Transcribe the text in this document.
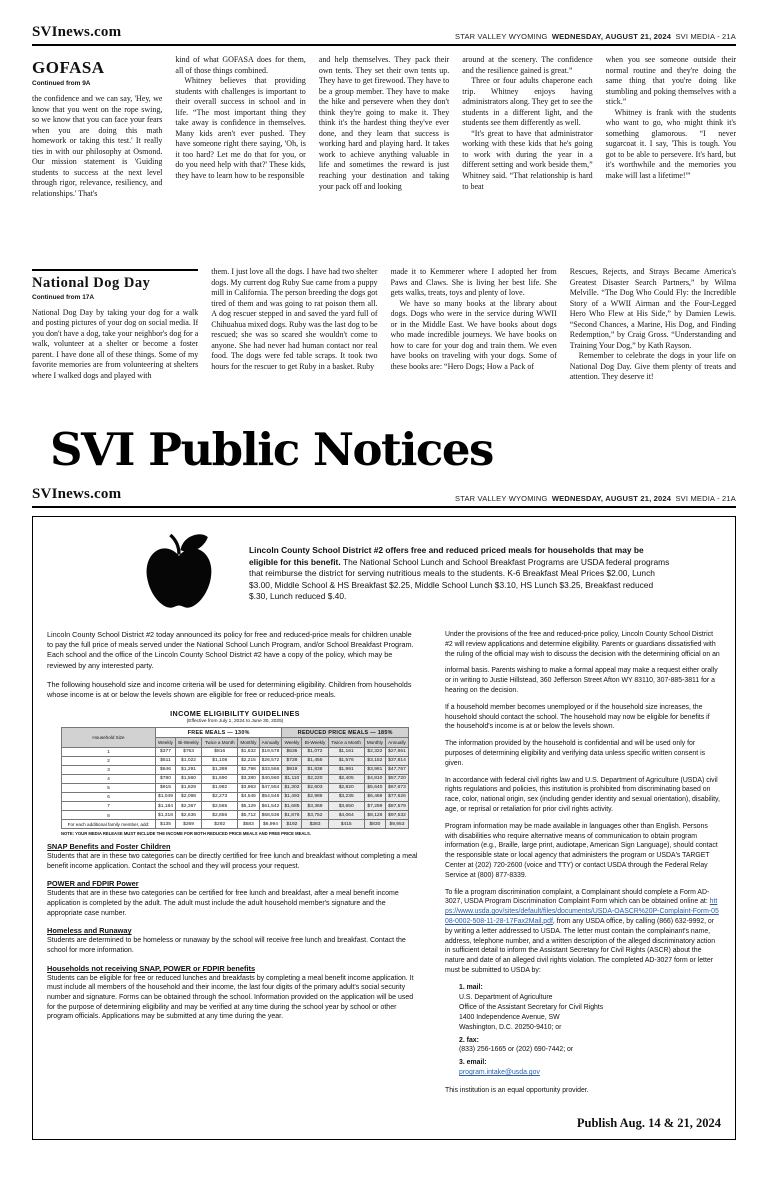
SVInews.com	STAR VALLEY WYOMING WEDNESDAY, AUGUST 21, 2024 SVI MEDIA - 21A
GOFASA
Continued from 9A

the confidence and we can say, 'Hey, we know that you went on the rope swing, so we know that you can face your fears when you are doing this math homework or taking this test.' It really ties in with our philosophy at Osmond. Our mission statement is 'Guiding students to success at the next level through rigor, relevance, resiliency, and relationships.' That's

kind of what GOFASA does for them, all of those things combined.

Whitney believes that providing students with challenges is important to their overall success in school and in life. “The most important thing they take away is confidence in themselves. Many kids aren't ever pushed. They have someone right there saying, 'Oh, is it too hard? Let me do that for you, or do you need help with that?' These kids, they have to learn how to be responsible

and help themselves. They pack their own tents. They set their own tents up. They have to get firewood. They have to be a group member. They have to make the hike and persevere when they don't think they're going to make it. They think it's the hardest thing they've ever done, and they learn that success is working hard and playing hard. It takes work to achieve anything valuable in life and sometimes the reward is just reaching your destination and taking your pack off and looking

around at the scenery. The confidence and the resilience gained is great.”

Three or four adults chaperone each trip. Whitney enjoys having administrators along. They get to see the students in a different light, and the students see them differently as well.

“It's great to have that administrator working with these kids that he's going to work with during the year in a different setting and work beside them,” Whitney said. “That relationship is hard to beat

when you see someone outside their normal routine and they're doing the same thing that you're doing like stumbling and poking themselves with a stick.”

Whitney is frank with the students who want to go, who might think it's something glamorous. “I never sugarcoat it. I say, 'This is tough. You got to be able to persevere. It's hard, but it's worthwhile and the memories you make will last a lifetime!'”

National Dog Day
Continued from 17A

National Dog Day by taking your dog for a walk and posting pictures of your dog on social media. If you don't have a dog, take your neighbor's dog for a walk, volunteer at a shelter or become a foster parent. I have done all of these things. Some of my favorite memories are from volunteering at shelters where I walked dogs and played with

them. I just love all the dogs. I have had two shelter dogs. My current dog Ruby Sue came from a puppy mill in California. The person breeding the dogs got tired of them and was going to rat poison them all. A dog rescuer stepped in and saved the yard full of Chihuahua mixed dogs. Ruby was the last dog to be rescued; she was so scared she wouldn't come to anyone. She had never had human contact nor real food. The dogs were fed table scraps. It took two hours for the rescuer to get Ruby in a basket. Ruby

made it to Kemmerer where I adopted her from Paws and Claws. She is living her best life. She gets walks, treats, toys and plenty of love.

We have so many books at the library about dogs. Dogs who were in the service during WWII or in the Middle East. We have books about dogs who made incredible journeys. We have books on how to care for your dog and train them. We even have books on traveling with your dogs. Some of these books are: “Hero Dogs; How a Pack of

Rescues, Rejects, and Strays Became America's Greatest Disaster Search Partners,” by Wilma Melville. “The Dog Who Could Fly: the Incredible Story of a WWII Airman and the Four-Legged Hero Who Flew at His Side,” by Damien Lewis. “Second Chances, a Marine, His Dog, and Finding Redemption,” by Craig Gross. “Understanding and Training Your Dog,” by Kath Rayson.

Remember to celebrate the dogs in your life on National Dog Day. Give them plenty of treats and attention. They deserve it!

SVI Public Notices
SVInews.com	STAR VALLEY WYOMING WEDNESDAY, AUGUST 21, 2024 SVI MEDIA - 21A

Lincoln County School District #2 offers free and reduced priced meals for households that may be eligible for this benefit. The National School Lunch and School Breakfast Programs are USDA federal programs that reimburse the district for serving nutritious meals to the students. K-6 Breakfast Meal Prices $2.00, Lunch $3.00, Middle School & HS Breakfast $2.25, Middle School Lunch $3.10, HS Lunch $3.25, Breakfast reduced $.30, Lunch reduced $.40.

Lincoln County School District #2 today announced its policy for free and reduced-price meals for children unable to pay the full price of meals served under the National School Lunch Program, and/or School Breakfast Program. Each school and the office of the Lincoln County School District #2 have a copy of the policy, which may be reviewed by any interested party.

The following household size and income criteria will be used for determining eligibility. Children from households whose income is at or below the levels shown are eligible for free or reduced-price meals.

INCOME ELIGIBILITY GUIDELINES
(Effective from July 1, 2024 to June 30, 2025)
Household Size	FREE MEALS — 130%					REDUCED PRICE MEALS — 185%				
	Weekly	Bi-Weekly	Twice a Month	Monthly	Annually	Weekly	Bi-Weekly	Twice a Month	Monthly	Annually
1	$377	$753	$816	$1,632	$19,578	$536	$1,072	$1,161	$2,322	$27,861
2	$511	$1,022	$1,108	$2,215	$26,572	$728	$1,455	$1,576	$3,152	$37,814
3	$646	$1,291	$1,399	$2,798	$33,566	$919	$1,838	$1,991	$3,981	$47,767
4	$780	$1,560	$1,690	$3,380	$40,560	$1,110	$2,220	$2,405	$4,810	$57,720
5	$915	$1,829	$1,982	$3,963	$47,554	$1,302	$2,603	$2,820	$5,640	$67,673
6	$1,049	$2,098	$2,273	$4,546	$54,548	$1,493	$2,986	$3,235	$6,469	$77,626
7	$1,184	$2,367	$2,565	$5,129	$61,542	$1,685	$3,369	$3,650	$7,299	$87,579
8	$1,318	$2,636	$2,856	$5,712	$68,536	$1,876	$3,752	$4,064	$8,128	$97,532
For each additional family member, add:	$135	$269	$292	$583	$6,994	$192	$383	$415	$830	$9,953
NOTE: YOUR MEDIA RELEASE MUST INCLUDE THE INCOME FOR BOTH REDUCED PRICE MEALS AND FREE PRICE MEALS.
SNAP Benefits and Foster Children

Students that are in these two categories can be directly certified for free lunch and breakfast without completing a meal benefit income application. Contact the school and they will process your request.

POWER and FDPIR Power

Students that are in these two categories can be certified for free lunch and breakfast, after a meal benefit income application is completed by the adult. The adult must include the adult household member's signature and the appropriate case number.

Homeless and Runaway

Students are determined to be homeless or runaway by the school will receive free lunch and breakfast. Contact the school for more information.

Households not receiving SNAP, POWER or FDPIR benefits

Students can be eligible for free or reduced lunches and breakfasts by completing a meal benefit income application. It must include all members of the household and their income, the last four digits of the primary adult's social security number and signature. Forms can be obtained through the school. Information provided on the application will be used for the purpose of determining eligibility and may be verified at any time during the school year by school or other program officials. Applications may be submitted at any time during the year.

Under the provisions of the free and reduced-price policy, Lincoln County School District #2 will review applications and determine eligibility. Parents or guardians dissatisfied with the ruling of the official may wish to discuss the decision with the determining official on an

informal basis. Parents wishing to make a formal appeal may make a request either orally or in writing to Justie Hillstead, 360 Jefferson Street Afton WY 83110, 307-885-3811 for a hearing on the decision.

If a household member becomes unemployed or if the household size increases, the household should contact the school. The household may now be eligible for benefits if the household's income is at or below the levels shown.

The information provided by the household is confidential and will be used only for purposes of determining eligibility and verifying data unless specific written consent is given.

In accordance with federal civil rights law and U.S. Department of Agriculture (USDA) civil rights regulations and policies, this institution is prohibited from discriminating based on race, color, national origin, sex (including gender identity and sexual orientation), disability, age, or reprisal or retaliation for prior civil rights activity.

Program information may be made available in languages other than English. Persons with disabilities who require alternative means of communication to obtain program information (e.g., Braille, large print, audiotape, American Sign Language), should contact the responsible state or local agency that administers the program or USDA's TARGET Center at (202) 720-2600 (voice and TTY) or contact USDA through the Federal Relay Service at (800) 877-8339.

To file a program discrimination complaint, a Complainant should complete a Form AD-3027, USDA Program Discrimination Complaint Form which can be obtained online at: https://www.usda.gov/sites/default/files/documents/USDA-OASCR%20P-Complaint-Form-0508-0002-508-11-28-17Fax2Mail.pdf, from any USDA office, by calling (866) 632-9992, or by writing a letter addressed to USDA. The letter must contain the complainant's name, address, telephone number, and a written description of the alleged discriminatory action in sufficient detail to inform the Assistant Secretary for Civil Rights (ASCR) about the nature and date of an alleged civil rights violation. The completed AD-3027 form or letter must be submitted to USDA by:

1. mail:
U.S. Department of Agriculture
Office of the Assistant Secretary for Civil Rights
1400 Independence Avenue, SW
Washington, D.C. 20250-9410; or
2. fax:
(833) 256-1665 or (202) 690-7442; or
3. email:
program.intake@usda.gov

This institution is an equal opportunity provider.

Publish Aug. 14 & 21, 2024
